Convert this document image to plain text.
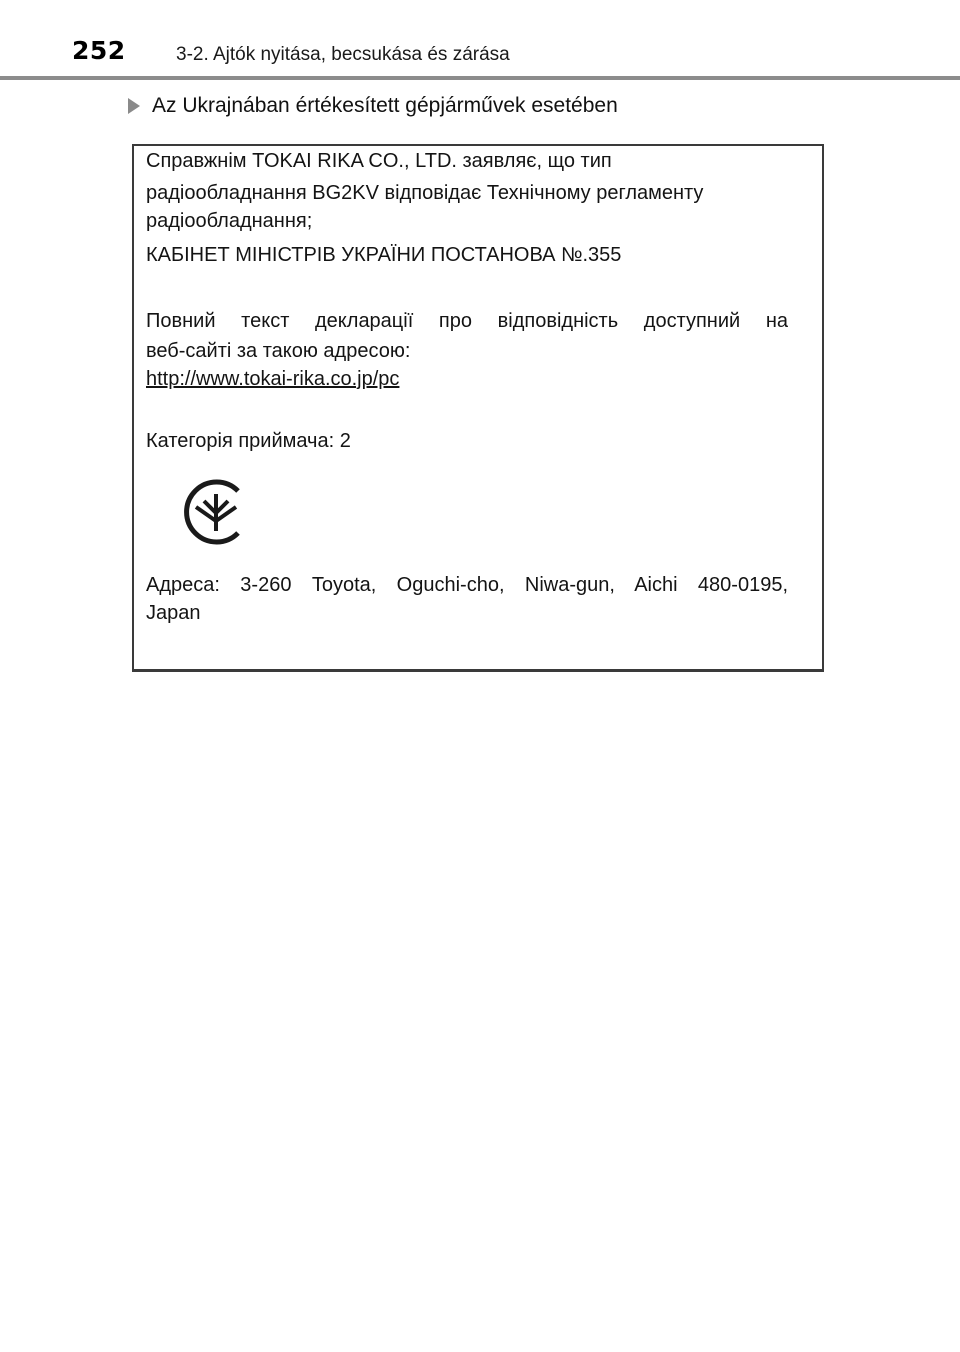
252	3-2. Ajtók nyitása, becsukása és zárása
Az Ukrajnában értékesített gépjárművek esetében
Справжнім TOKAI RIKA CO., LTD. заявляє, що тип
радіообладнання BG2KV відповідає Технічному регламенту
радіообладнання;
КАБІНЕТ МІНІСТРІВ УКРАЇНИ ПОСТАНОВА №.355
Повний текст декларації про відповідність доступний на
веб-сайті за такою адресою:
http://www.tokai-rika.co.jp/pc
Категорія приймача: 2
Адреса: 3-260 Toyota, Oguchi-cho, Niwa-gun, Aichi 480-0195,
Japan
